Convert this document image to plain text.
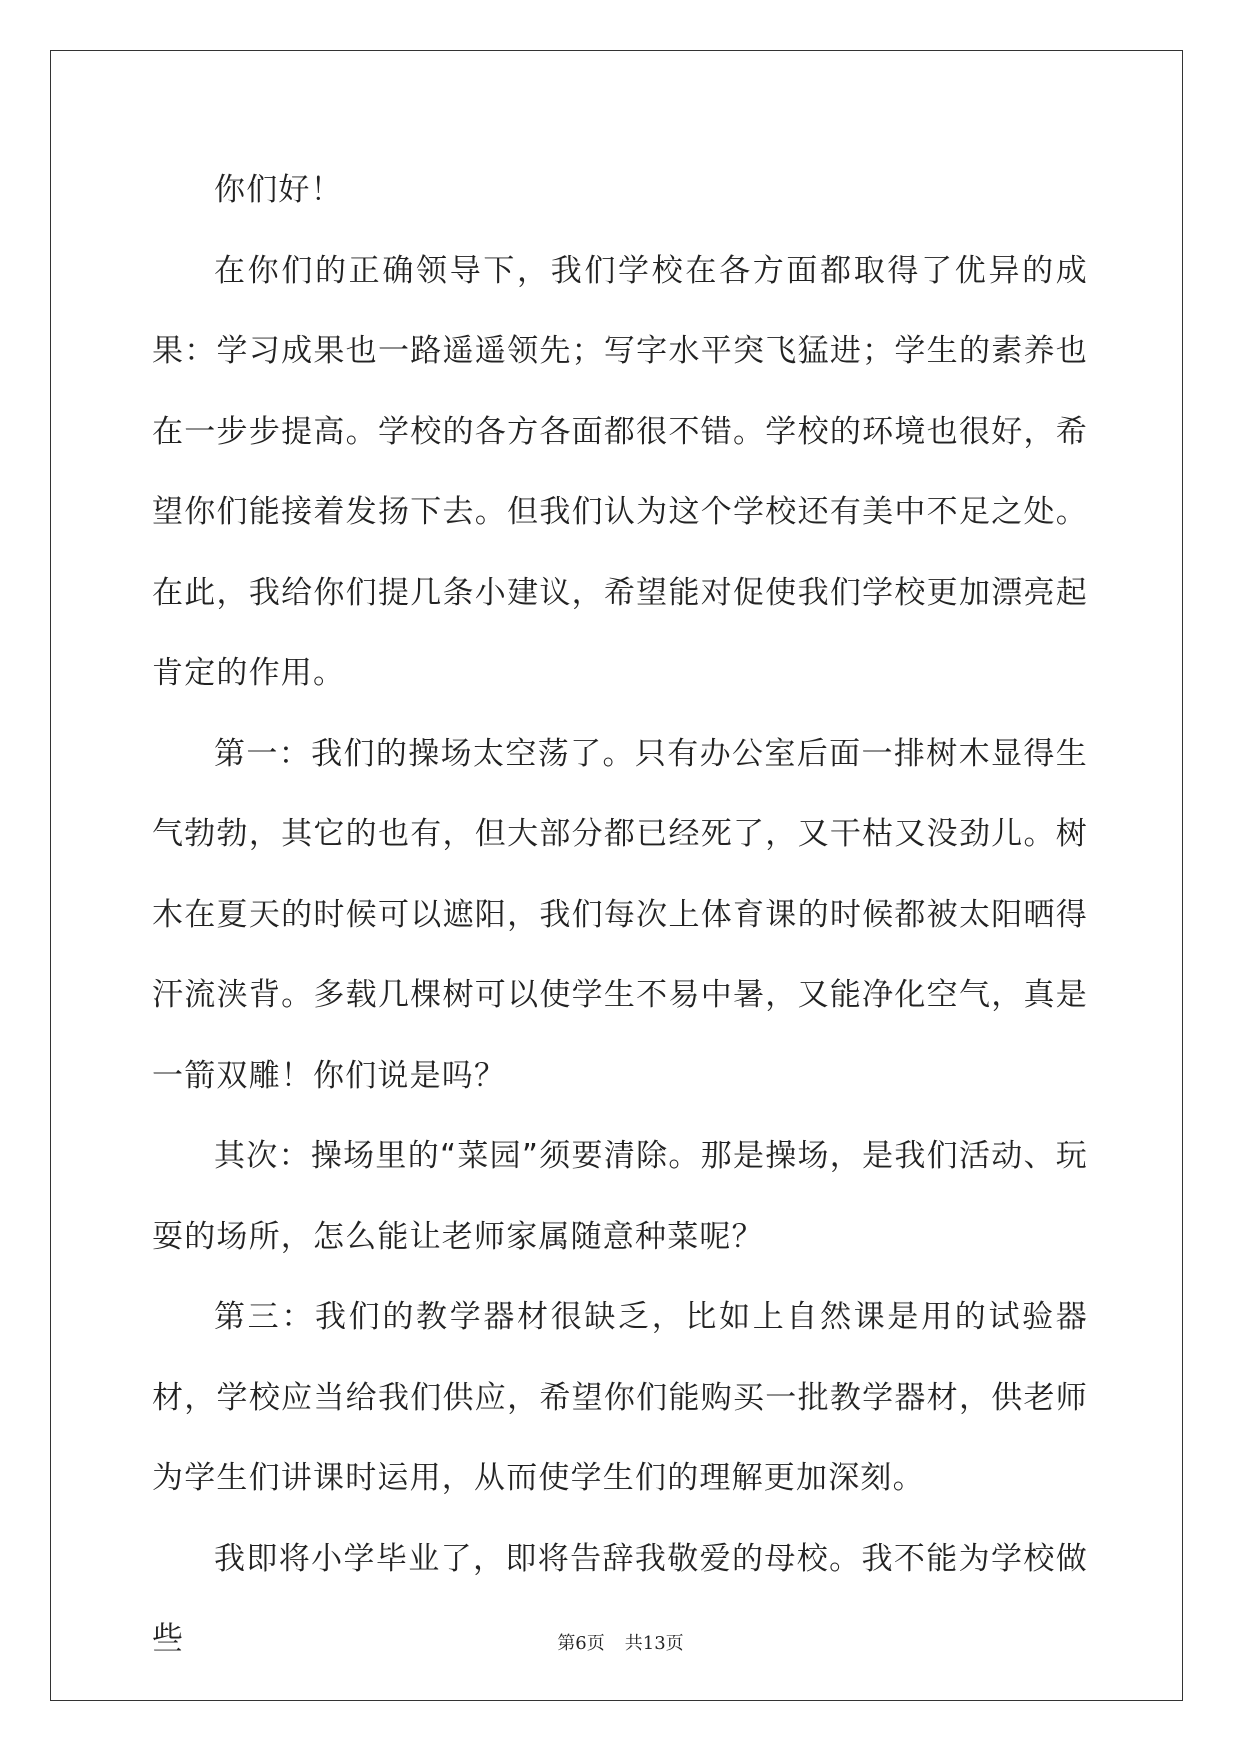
你们好！

在你们的正确领导下，我们学校在各方面都取得了优异的成果：学习成果也一路遥遥领先；写字水平突飞猛进；学生的素养也在一步步提高。学校的各方各面都很不错。学校的环境也很好，希望你们能接着发扬下去。但我们认为这个学校还有美中不足之处。在此，我给你们提几条小建议，希望能对促使我们学校更加漂亮起肯定的作用。

第一：我们的操场太空荡了。只有办公室后面一排树木显得生气勃勃，其它的也有，但大部分都已经死了，又干枯又没劲儿。树木在夏天的时候可以遮阳，我们每次上体育课的时候都被太阳晒得汗流浃背。多载几棵树可以使学生不易中暑，又能净化空气，真是一箭双雕！你们说是吗？

其次：操场里的“菜园”须要清除。那是操场，是我们活动、玩耍的场所，怎么能让老师家属随意种菜呢？

第三：我们的教学器材很缺乏，比如上自然课是用的试验器材，学校应当给我们供应，希望你们能购买一批教学器材，供老师为学生们讲课时运用，从而使学生们的理解更加深刻。

我即将小学毕业了，即将告辞我敬爱的母校。我不能为学校做些	第6页 共13页
